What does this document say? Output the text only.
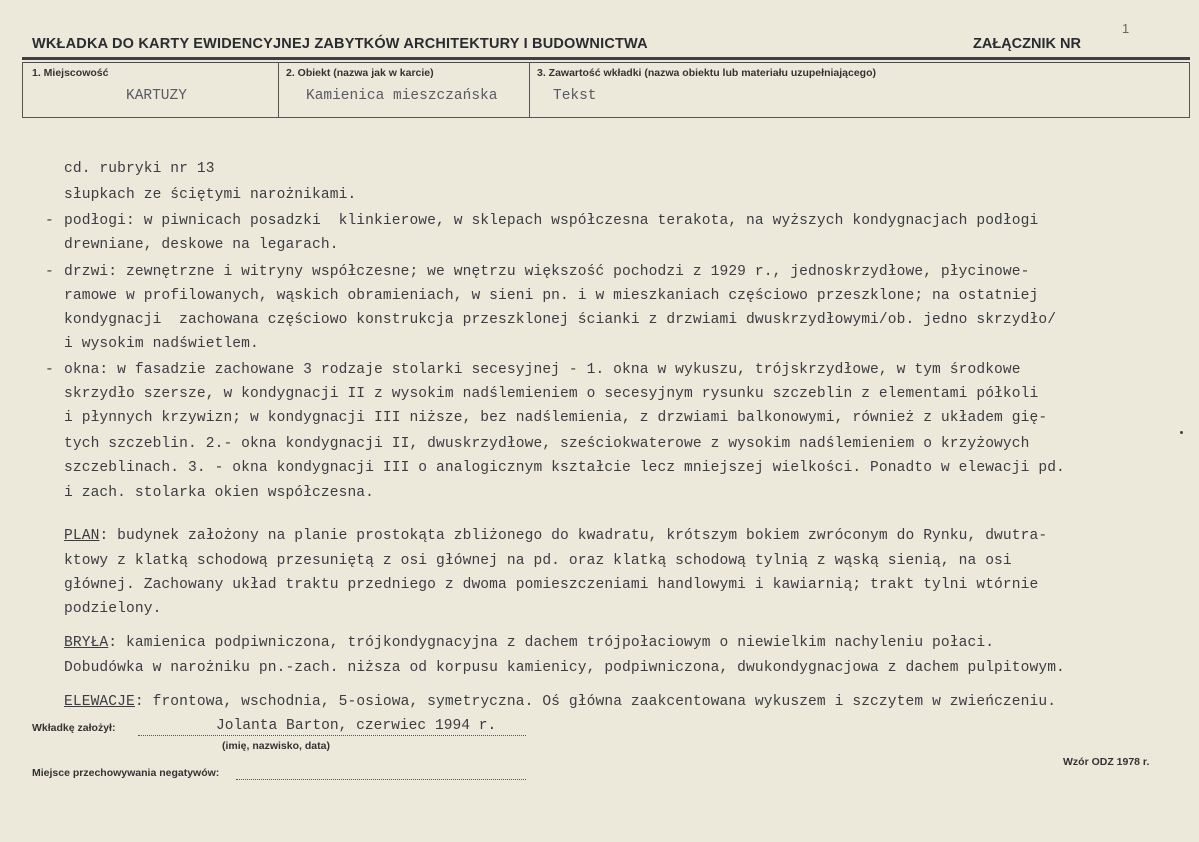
WKŁADKA DO KARTY EWIDENCYJNEJ ZABYTKÓW ARCHITEKTURY I BUDOWNICTWA	ZAŁĄCZNIK NR
1
1. Miejscowość
KARTUZY
2. Obiekt (nazwa jak w karcie)
Kamienica mieszczańska
3. Zawartość wkładki (nazwa obiektu lub materiału uzupełniającego)
Tekst
cd. rubryki nr 13
słupkach ze ściętymi narożnikami.
- podłogi: w piwnicach posadzki  klinkierowe, w sklepach współczesna terakota, na wyższych kondygnacjach podłogi
drewniane, deskowe na legarach.
- drzwi: zewnętrzne i witryny współczesne; we wnętrzu większość pochodzi z 1929 r., jednoskrzydłowe, płycinowe-
ramowe w profilowanych, wąskich obramieniach, w sieni pn. i w mieszkaniach częściowo przeszklone; na ostatniej
kondygnacji  zachowana częściowo konstrukcja przeszklonej ścianki z drzwiami dwuskrzydłowymi/ob. jedno skrzydło/
i wysokim nadświetlem.
- okna: w fasadzie zachowane 3 rodzaje stolarki secesyjnej - 1. okna w wykuszu, trójskrzydłowe, w tym środkowe
skrzydło szersze, w kondygnacji II z wysokim nadślemieniem o secesyjnym rysunku szczeblin z elementami półkoli
i płynnych krzywizn; w kondygnacji III niższe, bez nadślemienia, z drzwiami balkonowymi, również z układem gię-
tych szczeblin. 2.- okna kondygnacji II, dwuskrzydłowe, sześciokwaterowe z wysokim nadślemieniem o krzyżowych
szczeblinach. 3. - okna kondygnacji III o analogicznym kształcie lecz mniejszej wielkości. Ponadto w elewacji pd.
i zach. stolarka okien współczesna.
PLAN: budynek założony na planie prostokąta zbliżonego do kwadratu, krótszym bokiem zwróconym do Rynku, dwutra-
ktowy z klatką schodową przesuniętą z osi głównej na pd. oraz klatką schodową tylnią z wąską sienią, na osi
głównej. Zachowany układ traktu przedniego z dwoma pomieszczeniami handlowymi i kawiarnią; trakt tylni wtórnie
podzielony.
BRYŁA: kamienica podpiwniczona, trójkondygnacyjna z dachem trójpołaciowym o niewielkim nachyleniu połaci.
Dobudówka w narożniku pn.-zach. niższa od korpusu kamienicy, podpiwniczona, dwukondygnacjowa z dachem pulpitowym.
ELEWACJE: frontowa, wschodnia, 5-osiowa, symetryczna. Oś główna zaakcentowana wykuszem i szczytem w zwieńczeniu.
Wkładkę założył:	Jolanta Barton, czerwiec 1994 r.
(imię, nazwisko, data)
Miejsce przechowywania negatywów:
Wzór ODZ 1978 r.
